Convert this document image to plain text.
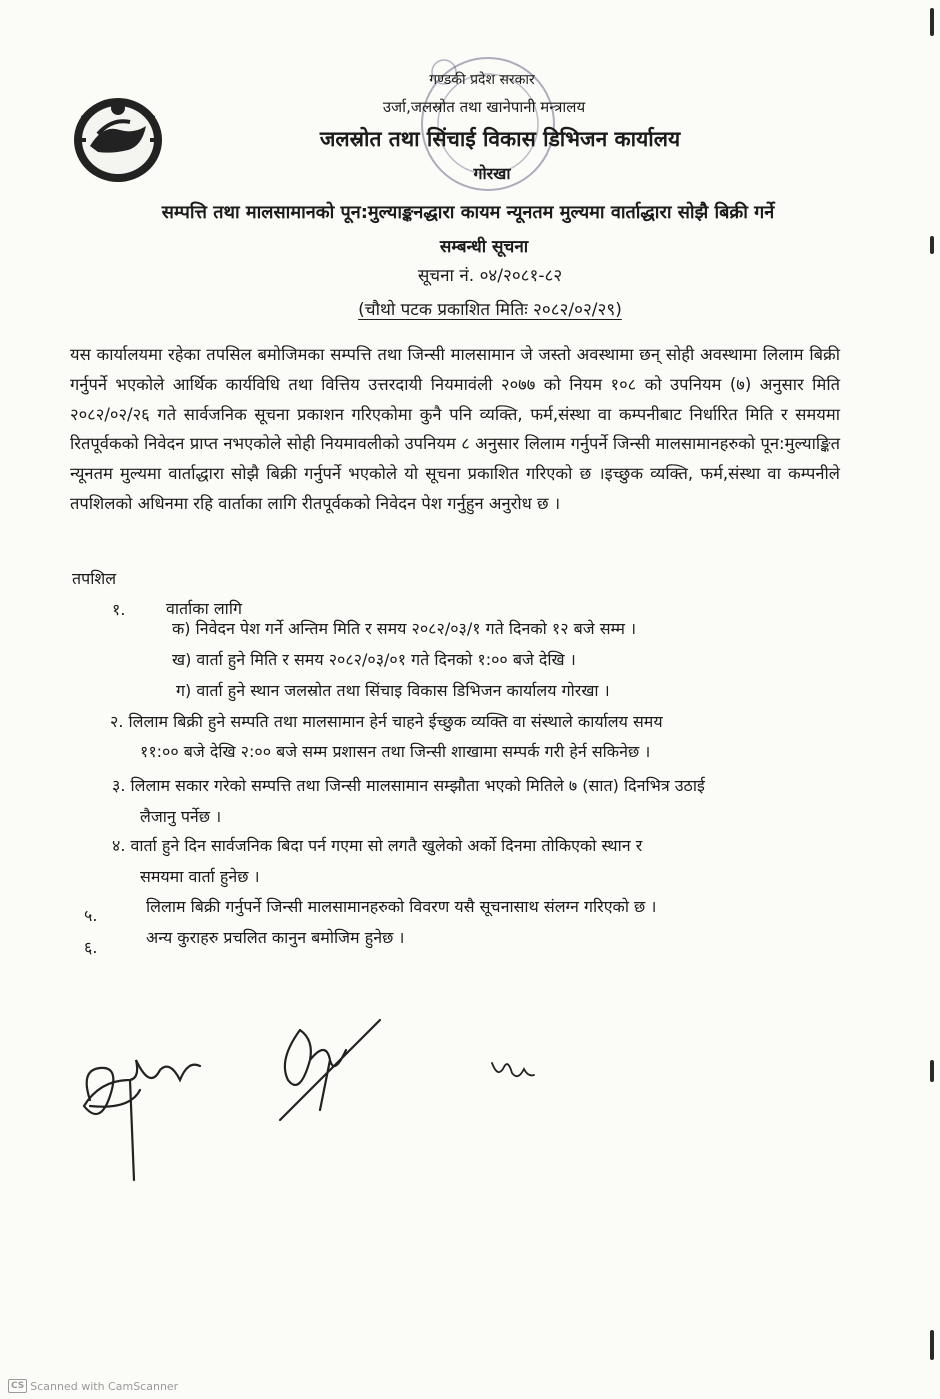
गण्डकी प्रदेश सरकार
उर्जा,जलस्रोत तथा खानेपानी मन्त्रालय
जलस्रोत तथा सिंचाई विकास डिभिजन कार्यालय
गोरखा
सम्पत्ति तथा मालसामानको पून:मुल्याङ्कनद्धारा कायम न्यूनतम मुल्यमा वार्ताद्धारा सोझै बिक्री गर्ने
सम्बन्धी सूचना
सूचना नं. ०४/२०८१-८२
(चौथो पटक प्रकाशित मितिः २०८२/०२/२९)
यस कार्यालयमा रहेका तपसिल बमोजिमका सम्पत्ति तथा जिन्सी मालसामान जे जस्तो अवस्थामा छन् सोही अवस्थामा लिलाम बिक्री गर्नुपर्ने भएकोले आर्थिक कार्यविधि तथा वित्तिय उत्तरदायी नियमावंली २०७७ को नियम १०८ को उपनियम (७) अनुसार मिति २०८२/०२/२६ गते सार्वजनिक सूचना प्रकाशन गरिएकोमा कुनै पनि व्यक्ति, फर्म,संस्था वा कम्पनीबाट निर्धारित मिति र समयमा रितपूर्वकको निवेदन प्राप्त नभएकोले सोही नियमावलीको उपनियम ८ अनुसार लिलाम गर्नुपर्ने जिन्सी मालसामानहरुको पून:मुल्याङ्कित न्यूनतम मुल्यमा वार्ताद्धारा सोझै बिक्री गर्नुपर्ने भएकोले यो सूचना प्रकाशित गरिएको छ ।इच्छुक व्यक्ति, फर्म,संस्था वा कम्पनीले तपशिलको अधिनमा रहि वार्ताका लागि रीतपूर्वकको निवेदन पेश गर्नुहुन अनुरोध छ ।
तपशिल
१.	वार्ताका लागि
क) निवेदन पेश गर्ने अन्तिम मिति र समय २०८२/०३/१ गते दिनको १२ बजे सम्म ।
ख) वार्ता हुने मिति र समय २०८२/०३/०१ गते दिनको १:०० बजे देखि ।
ग) वार्ता हुने स्थान जलस्रोत तथा सिंचाइ विकास डिभिजन कार्यालय गोरखा ।
२. लिलाम बिक्री हुने सम्पति तथा मालसामान हेर्न चाहने ईच्छुक व्यक्ति वा संस्थाले कार्यालय समय
११:०० बजे देखि २:०० बजे सम्म प्रशासन तथा जिन्सी शाखामा सम्पर्क गरी हेर्न सकिनेछ ।
३. लिलाम सकार गरेको सम्पत्ति तथा जिन्सी मालसामान सम्झौता भएको मितिले ७ (सात) दिनभित्र उठाई
लैजानु पर्नेछ ।
४. वार्ता हुने दिन सार्वजनिक बिदा पर्न गएमा सो लगतै खुलेको अर्को दिनमा तोकिएको स्थान र
समयमा वार्ता हुनेछ ।
५.	लिलाम बिक्री गर्नुपर्ने जिन्सी मालसामानहरुको विवरण यसै सूचनासाथ संलग्न गरिएको छ ।
६.
अन्य कुराहरु प्रचलित कानुन बमोजिम हुनेछ ।
CS Scanned with CamScanner
